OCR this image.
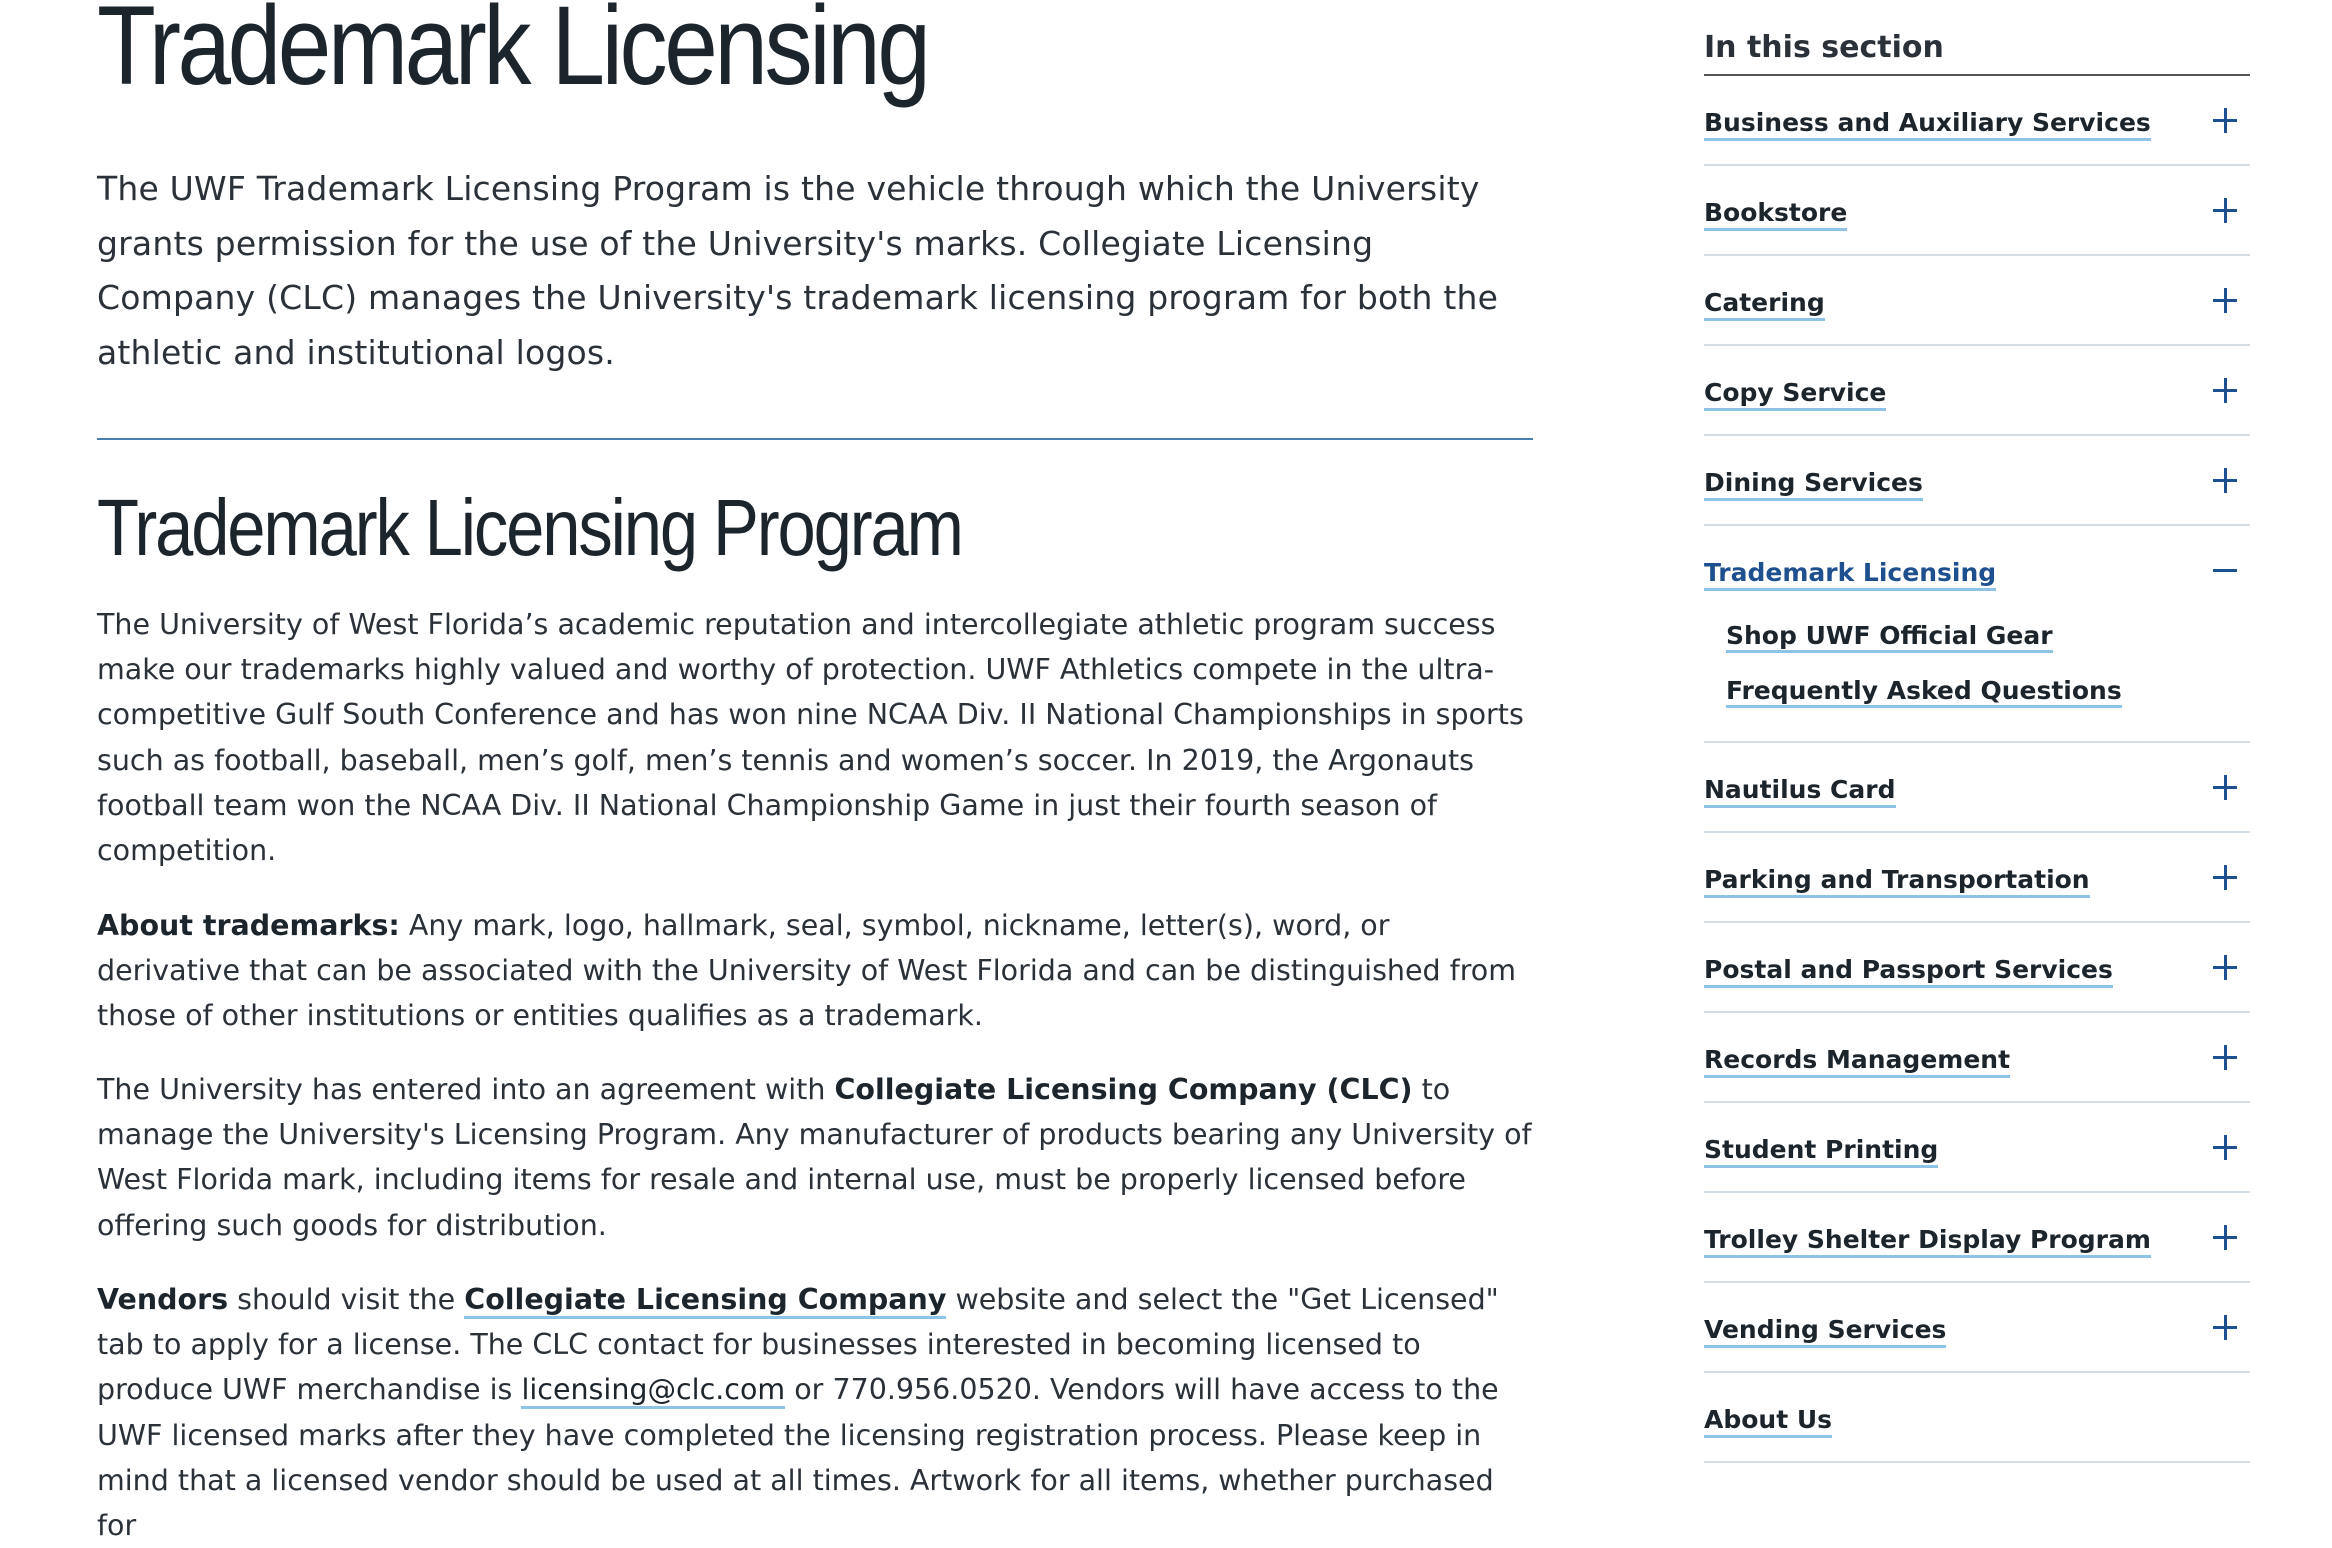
Trademark Licensing

The UWF Trademark Licensing Program is the vehicle through which the University grants permission for the use of the University's marks. Collegiate Licensing Company (CLC) manages the University's trademark licensing program for both the athletic and institutional logos.

Trademark Licensing Program

The University of West Florida’s academic reputation and intercollegiate athletic program success make our trademarks highly valued and worthy of protection. UWF Athletics compete in the ultra-competitive Gulf South Conference and has won nine NCAA Div. II National Championships in sports such as football, baseball, men’s golf, men’s tennis and women’s soccer. In 2019, the Argonauts football team won the NCAA Div. II National Championship Game in just their fourth season of competition.

About trademarks: Any mark, logo, hallmark, seal, symbol, nickname, letter(s), word, or derivative that can be associated with the University of West Florida and can be distinguished from those of other institutions or entities qualifies as a trademark.

The University has entered into an agreement with Collegiate Licensing Company (CLC) to manage the University's Licensing Program. Any manufacturer of products bearing any University of West Florida mark, including items for resale and internal use, must be properly licensed before offering such goods for distribution.

Vendors should visit the Collegiate Licensing Company website and select the "Get Licensed" tab to apply for a license. The CLC contact for businesses interested in becoming licensed to produce UWF merchandise is licensing@clc.com or 770.956.0520. Vendors will have access to the UWF licensed marks after they have completed the licensing registration process. Please keep in mind that a licensed vendor should be used at all times. Artwork for all items, whether purchased for

In this section
Business and Auxiliary Services
Bookstore
Catering
Copy Service
Dining Services
Trademark Licensing
Shop UWF Official Gear
Frequently Asked Questions
Nautilus Card
Parking and Transportation
Postal and Passport Services
Records Management
Student Printing
Trolley Shelter Display Program
Vending Services
About Us
